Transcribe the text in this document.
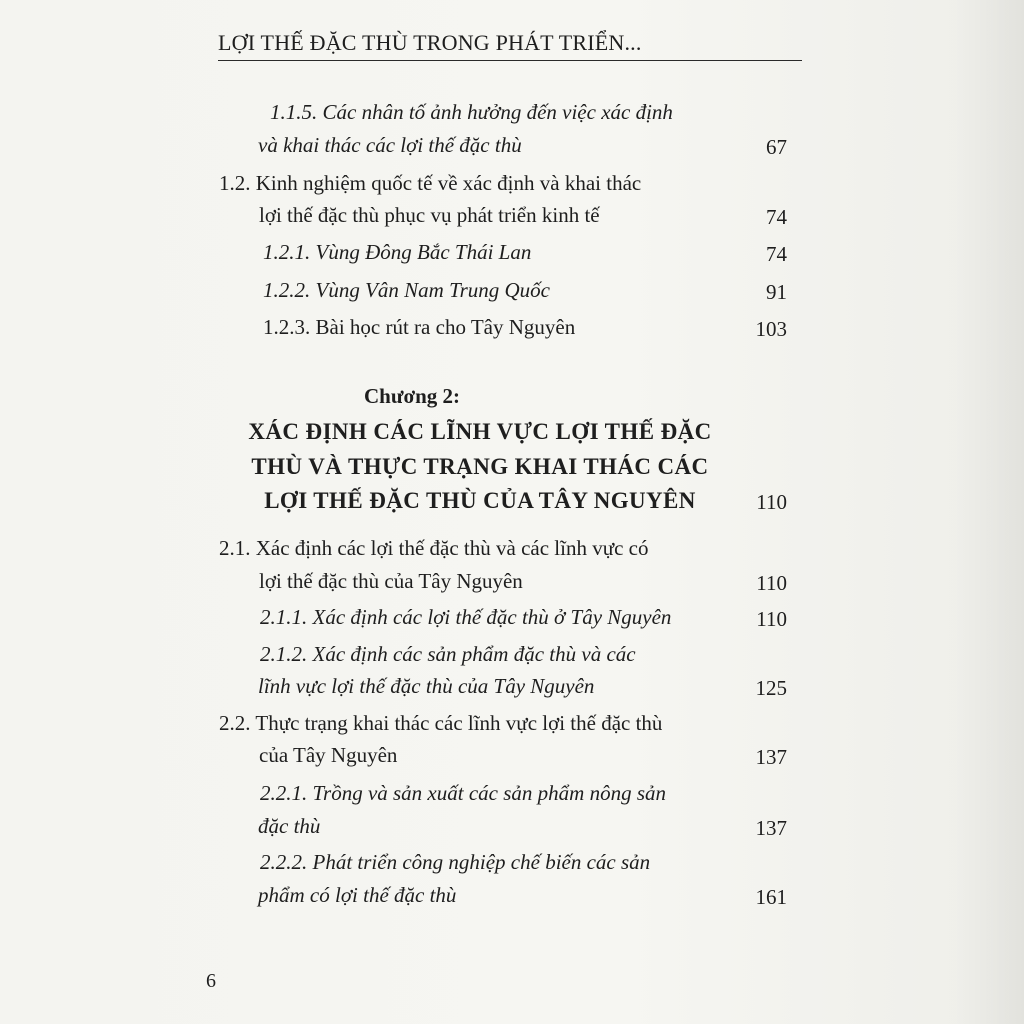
LỢI THẾ ĐẶC THÙ TRONG PHÁT TRIỂN...
1.1.5. Các nhân tố ảnh hưởng đến việc xác định
và khai thác các lợi thế đặc thù	67
1.2. Kinh nghiệm quốc tế về xác định và khai thác
lợi thế đặc thù phục vụ phát triển kinh tế	74
1.2.1. Vùng Đông Bắc Thái Lan	74
1.2.2. Vùng Vân Nam Trung Quốc	91
1.2.3. Bài học rút ra cho Tây Nguyên	103
Chương 2:
XÁC ĐỊNH CÁC LĨNH VỰC LỢI THẾ ĐẶC
THÙ VÀ THỰC TRẠNG KHAI THÁC CÁC
LỢI THẾ ĐẶC THÙ CỦA TÂY NGUYÊN	110
2.1. Xác định các lợi thế đặc thù và các lĩnh vực có
lợi thế đặc thù của Tây Nguyên	110
2.1.1. Xác định các lợi thế đặc thù ở Tây Nguyên	110
2.1.2. Xác định các sản phẩm đặc thù và các
lĩnh vực lợi thế đặc thù của Tây Nguyên	125
2.2. Thực trạng khai thác các lĩnh vực lợi thế đặc thù
của Tây Nguyên	137
2.2.1. Trồng và sản xuất các sản phẩm nông sản
đặc thù	137
2.2.2. Phát triển công nghiệp chế biến các sản
phẩm có lợi thế đặc thù	161
6
